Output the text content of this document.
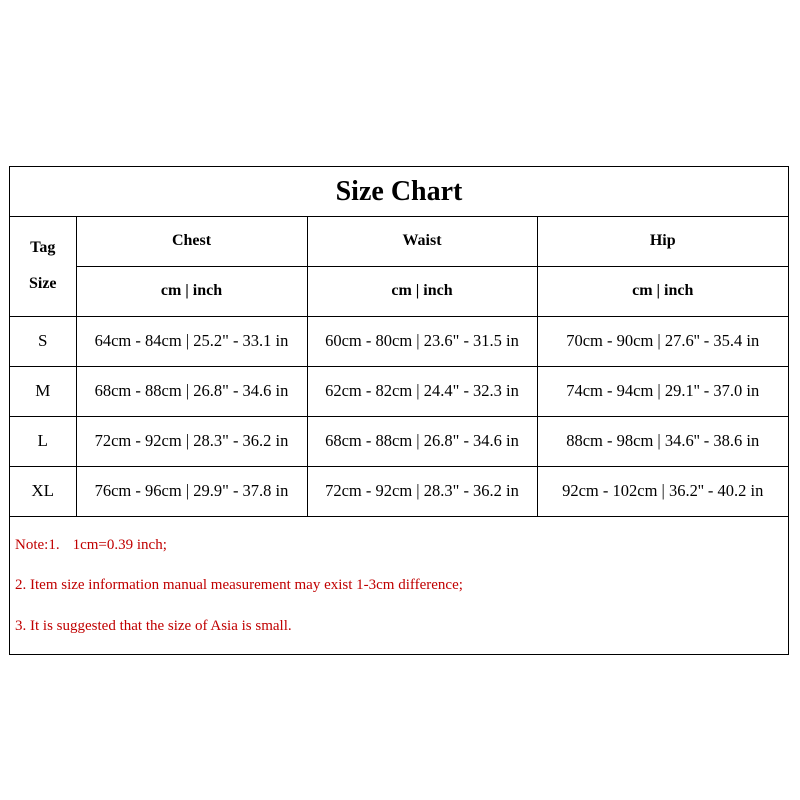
Size Chart
Tag
Size	Chest	Waist	Hip
	cm | inch	cm | inch	cm | inch
S	64cm - 84cm | 25.2" - 33.1 in	60cm - 80cm | 23.6" - 31.5 in	70cm - 90cm | 27.6'' - 35.4 in
M	68cm - 88cm | 26.8" - 34.6 in	62cm - 82cm | 24.4" - 32.3 in	74cm - 94cm | 29.1'' - 37.0 in
L	72cm - 92cm | 28.3" - 36.2 in	68cm - 88cm | 26.8" - 34.6 in	88cm - 98cm | 34.6'' - 38.6 in
XL	76cm - 96cm | 29.9" - 37.8 in	72cm - 92cm | 28.3" - 36.2 in	92cm - 102cm | 36.2'' - 40.2 in
Note:1. 1cm=0.39 inch;
2. Item size information manual measurement may exist 1-3cm difference;
3. It is suggested that the size of Asia is small.
